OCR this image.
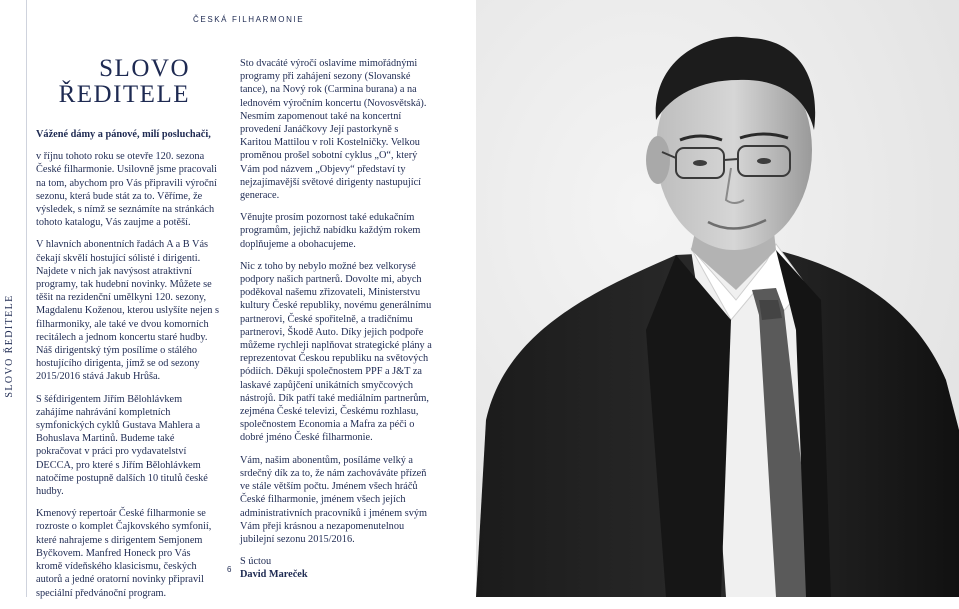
SLOVO ŘEDITELE
ČESKÁ FILHARMONIE
SLOVO
ŘEDITELE

Vážené dámy a pánové, milí posluchači,

v říjnu tohoto roku se otevře 120. sezona České filharmonie. Usilovně jsme pracovali na tom, abychom pro Vás připravili výroční sezonu, která bude stát za to. Věříme, že výsledek, s nímž se seznámíte na stránkách tohoto katalogu, Vás zaujme a potěší.

V hlavních abonentních řadách A a B Vás čekají skvělí hostující sólisté i dirigenti. Najdete v nich jak navýsost atraktivní programy, tak hudební novinky. Můžete se těšit na rezidenční umělkyni 120. sezony, Magdalenu Koženou, kterou uslyšíte nejen s filharmoniky, ale také ve dvou komorních recitálech a jednom koncertu staré hudby. Náš dirigentský tým posílíme o stálého hostujícího dirigenta, jímž se od sezony 2015/2016 stává Jakub Hrůša.

S šéfdirigentem Jiřím Bělohlávkem zahájíme nahrávání kompletních symfonických cyklů Gustava Mahlera a Bohuslava Martinů. Budeme také pokračovat v práci pro vydavatelství DECCA, pro které s Jiřím Bělohlávkem natočíme postupně dalších 10 titulů české hudby.

Kmenový repertoár České filharmonie se rozroste o komplet Čajkovského symfonií, které nahrajeme s dirigentem Semjonem Byčkovem. Manfred Honeck pro Vás kromě vídeňského klasicismu, českých autorů a jedné oratorní novinky připravil speciální předvánoční program.

Sto dvacáté výročí oslavíme mimořádnými programy při zahájení sezony (Slovanské tance), na Nový rok (Carmina burana) a na lednovém výročním koncertu (Novosvětská). Nesmím zapomenout také na koncertní provedení Janáčkovy Její pastorkyně s Karitou Mattilou v roli Kostelničky. Velkou proměnou prošel sobotní cyklus „O“, který Vám pod názvem „Objevy“ představí ty nejzajímavější světové dirigenty nastupující generace.

Věnujte prosím pozornost také edukačním programům, jejichž nabídku každým rokem doplňujeme a obohacujeme.

Nic z toho by nebylo možné bez velkorysé podpory našich partnerů. Dovolte mi, abych poděkoval našemu zřizovateli, Ministerstvu kultury České republiky, novému generálnímu partnerovi, České spořitelně, a tradičnímu partnerovi, Škodě Auto. Díky jejich podpoře můžeme rychleji naplňovat strategické plány a reprezentovat Českou republiku na světových pódiích. Děkuji společnostem PPF a J&T za laskavé zapůjčení unikátních smyčcových nástrojů. Dík patří také mediálním partnerům, zejména České televizi, Českému rozhlasu, společnostem Economia a Mafra za péči o dobré jméno České filharmonie.

Vám, našim abonentům, posíláme velký a srdečný dík za to, že nám zachováváte přízeň ve stále větším počtu. Jménem všech hráčů České filharmonie, jménem všech jejích administrativních pracovníků i jménem svým Vám přeji krásnou a nezapomenutelnou jubilejní sezonu 2015/2016.

S úctou

David Mareček

6
